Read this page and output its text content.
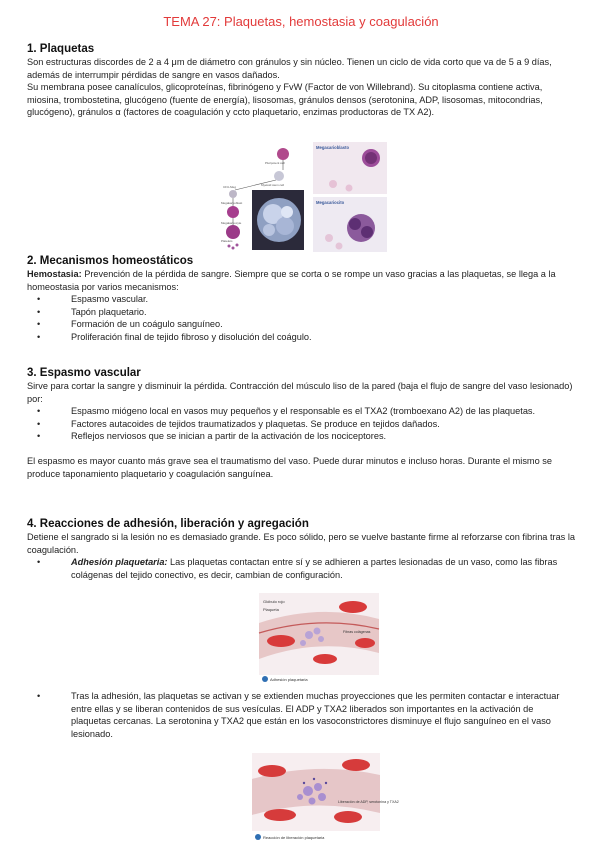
TEMA 27: Plaquetas, hemostasia y coagulación
1. Plaquetas

Son estructuras discordes de 2 a 4 μm de diámetro con gránulos y sin núcleo. Tienen un ciclo de vida corto que va de 5 a 9 días, además de interrumpir pérdidas de sangre en vasos dañados.

Su membrana posee canalículos, glicoproteínas, fibrinógeno y FvW (Factor de von Willebrand). Su citoplasma contiene activa, miosina, trombostetina, glucógeno (fuente de energía), lisosomas, gránulos densos (serotonina, ADP, lisosomas, mitocondrias, glucógeno), gránulos α (factores de coagulación y ccto plaquetario, enzimas productoras de TX A2).

Pluripotent cell
Myeloid stem cell
CFU-Meg
Megakaryoblast
Megakaryocyte
Platelets
Megacarioblasto
Megacariocito
2. Mecanismos homeostáticos

Hemostasia: Prevención de la pérdida de sangre. Siempre que se corta o se rompe un vaso gracias a las plaquetas, se llega a la homeostasia por varios mecanismos:

• Espasmo vascular.
• Tapón plaquetario.
• Formación de un coágulo sanguíneo.
• Proliferación final de tejido fibroso y disolución del coágulo.
3. Espasmo vascular

Sirve para cortar la sangre y disminuir la pérdida. Contracción del músculo liso de la pared (baja el flujo de sangre del vaso lesionado) por:

• Espasmo miógeno local en vasos muy pequeños y el responsable es el TXA2 (tromboexano A2) de las plaquetas.
• Factores autacoides de tejidos traumatizados y plaquetas. Se produce en tejidos dañados.
• Reflejos nerviosos que se inician a partir de la activación de los nociceptores.

El espasmo es mayor cuanto más grave sea el traumatismo del vaso. Puede durar minutos e incluso horas. Durante el mismo se produce taponamiento plaquetario y coagulación sanguínea.

4. Reacciones de adhesión, liberación y agregación

Detiene el sangrado si la lesión no es demasiado grande. Es poco sólido, pero se vuelve bastante firme al reforzarse con fibrina tras la coagulación.

• Adhesión plaquetaria: Las plaquetas contactan entre sí y se adhieren a partes lesionadas de un vaso, como las fibras colágenas del tejido conectivo, es decir, cambian de configuración.
Glóbulo rojo
Plaqueta
Fibras colágenas
Adhesión plaquetaria
• Tras la adhesión, las plaquetas se activan y se extienden muchas proyecciones que les permiten contactar e interactuar entre ellas y se liberan contenidos de sus vesículas. El ADP y TXA2 liberados son importantes en la activación de plaquetas cercanas. La serotonina y TXA2 que están en los vasoconstrictores disminuye el flujo sanguíneo en el vaso lesionado.
Liberación de ADP, serotonina y TXA2
Reacción de liberación plaquetaria
